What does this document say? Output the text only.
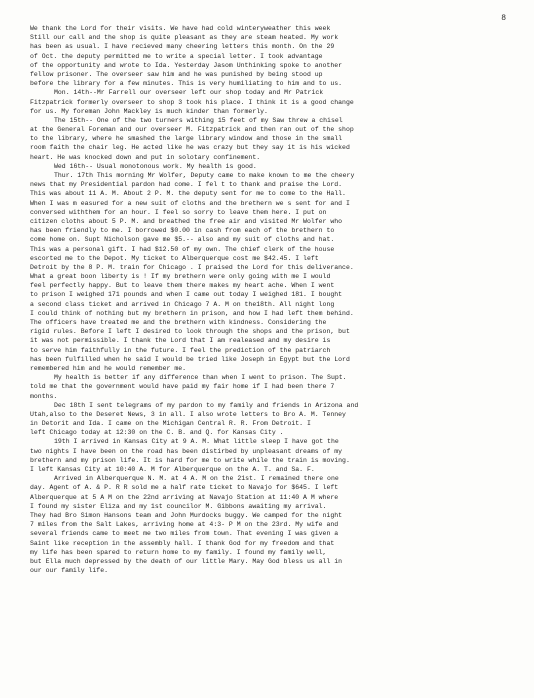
8
We thank the Lord for their visits. We have had cold winteryweather this week
Still our call and the shop is quite pleasant as they are steam heated. My work
has been as usual. I have recieved many cheering letters this month. On the 29
of Oct. the deputy permitted me to write a special letter. I took advantage
of the opportunity and wrote to Ida. Yesterday Jasom Unthinking spoke to another
fellow prisoner. The overseer saw him and he was punished by being stood up
before the library for a few minutes. This is very humiliating to him and to us.
Mon. 14th--Mr Farrell our overseer left our shop today and Mr Patrick
Fitzpatrick formerly overseer to shop 3 took his place. I think it is a good change
for us. My foreman John Mackley is much kinder than formerly.
The 15th-- One of the two turners withing 15 feet of my Saw threw a chisel
at the General Foreman and our overseer M. Fitzpatrick and then ran out of the shop
to the library, where he smashed the large library window and those in the small
room faith the chair leg. He acted like he was crazy but they say it is his wicked
heart. He was knocked down and put in solotary confinement.
Wed 16th-- Usual monotonous work. My health is good.
Thur. 17th This morning Mr Wolfer, Deputy came to make known to me the cheery
news that my Presidential pardon had come. I fel t to thank and praise the Lord.
This was about 11 A. M. About 2 P. M. the deputy sent for me to come to the Hall.
When I was m easured for a new suit of cloths and the brethern we s sent for and I
conversed withthem for an hour. I feel so sorry to leave them here. I put on
citizen cloths about 5 P. M. and breathed the free air and visited Mr Wolfer who
has been friendly to me. I borrowed $0.00 in cash from each of the brethern to
come home on. Supt Nicholson gave me $5.-- also and my suit of cloths and hat.
This was a personal gift. I had $12.50 of my own. The chief clerk of the house
escorted me to the Depot. My ticket to Alberquerque cost me $42.45. I left
Detroit by the 8 P. M. train for Chicago . I praised the Lord for this deliverance.
What a great boon liberty is ! If my brethern were only going with me I would
feel perfectly happy. But to leave them there makes my heart ache. When I went
to prison I weighed 171 pounds and when I came out today I weighed 181. I bought
a second class ticket and arrived in Chicago 7 A. M on the18th. All night long
I could think of nothing but my brethern in prison, and how I had left them behind.
The officers have treated me and the brethern with kindness. Considering the
rigid rules. Before I left I desired to look through the shops and the prison, but
it was not permissible. I thank the Lord that I am realeased and my desire is
to serve him faithfully in the future. I feel the prediction of the patriarch
has been fulfilled when he said I would be tried like Joseph in Egypt but the Lord
remembered him and he would remember me.
My health is better if any difference than when I went to prison. The Supt.
told me that the government would have paid my fair home if I had been there 7
months.
Dec 18th I sent telegrams of my pardon to my family and friends in Arizona and
Utah,also to the Deseret News, 3 in all. I also wrote letters to Bro A. M. Tenney
in Detorit and Ida. I came on the Michigan Central R. R. From Detroit. I
left Chicago today at 12:30 on the C. B. and Q. for Kansas City .
19th I arrived in Kansas City at 9 A. M. What little sleep I have got the
two nights I have been on the road has been distirbed by unpleasant dreams of my
brethern and my prison life. It is hard for me to write while the train is moving.
I left Kansas City at 10:40 A. M for Alberquerque on the A. T. and Sa. F.
Arrived in Alberquerque N. M. at 4 A. M on the 21st. I remained there one
day. Agent of A. & P. R R sold me a half rate ticket to Navajo for $645. I left
Alberquerque at 5 A M on the 22nd arriving at Navajo Station at 11:40 A M where
I found my sister Eliza and my 1st councilor M. Gibbons awaiting my arrival.
They had Bro Simon Hansons team and John Murdocks buggy. We camped for the night
7 miles from the Salt Lakes, arriving home at 4:3- P M on the 23rd. My wife and
several friends came to meet me two miles from town. That evening I was given a
Saint like reception in the assembly hall. I thank God for my freedom and that
my life has been spared to return home to my family. I found my family well,
but Ella much depressed by the death of our little Mary. May God bless us all in
our our family life.
